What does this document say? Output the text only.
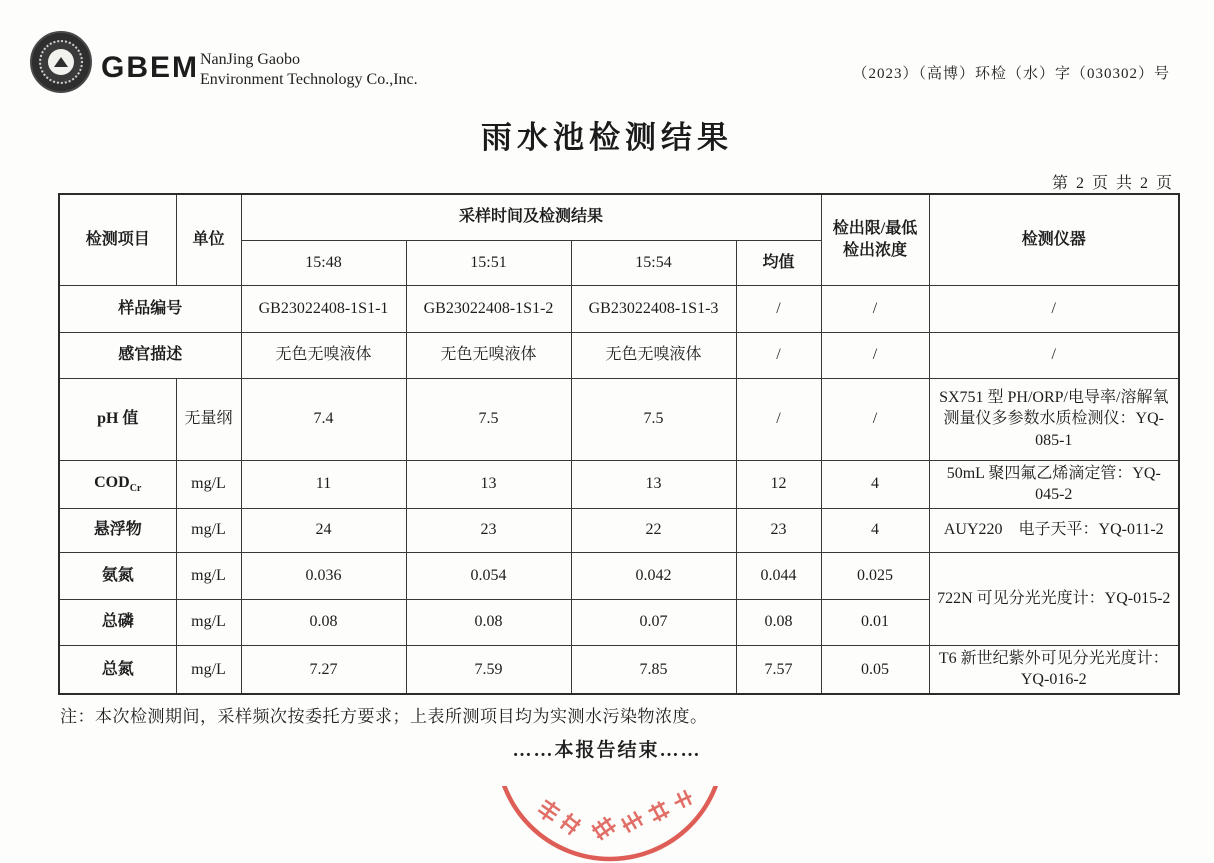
GBEM NanJing Gaobo
Environment Technology Co.,Inc.	（2023）（高博）环检（水）字（030302）号
雨水池检测结果
第 2 页 共 2 页
检测项目	单位	采样时间及检测结果				检出限/最低检出浓度	检测仪器
		15:48	15:51	15:54	均值		
样品编号		GB23022408-1S1-1	GB23022408-1S1-2	GB23022408-1S1-3	/	/	/
感官描述		无色无嗅液体	无色无嗅液体	无色无嗅液体	/	/	/
pH 值	无量纲	7.4	7.5	7.5	/	/	SX751 型 PH/ORP/电导率/溶解氧测量仪多参数水质检测仪：YQ-085-1
$COD_{Cr}$	mg/L	11	13	13	12	4	50mL 聚四氟乙烯滴定管：YQ-045-2
悬浮物	mg/L	24	23	22	23	4	AUY220　电子天平：YQ-011-2
氨氮	mg/L	0.036	0.054	0.042	0.044	0.025	722N 可见分光光度计：YQ-015-2
总磷	mg/L	0.08	0.08	0.07	0.08	0.01	
总氮	mg/L	7.27	7.59	7.85	7.57	0.05	T6 新世纪紫外可见分光光度计：YQ-016-2
注：本次检测期间，采样频次按委托方要求；上表所测项目均为实测水污染物浓度。
……本报告结束……
